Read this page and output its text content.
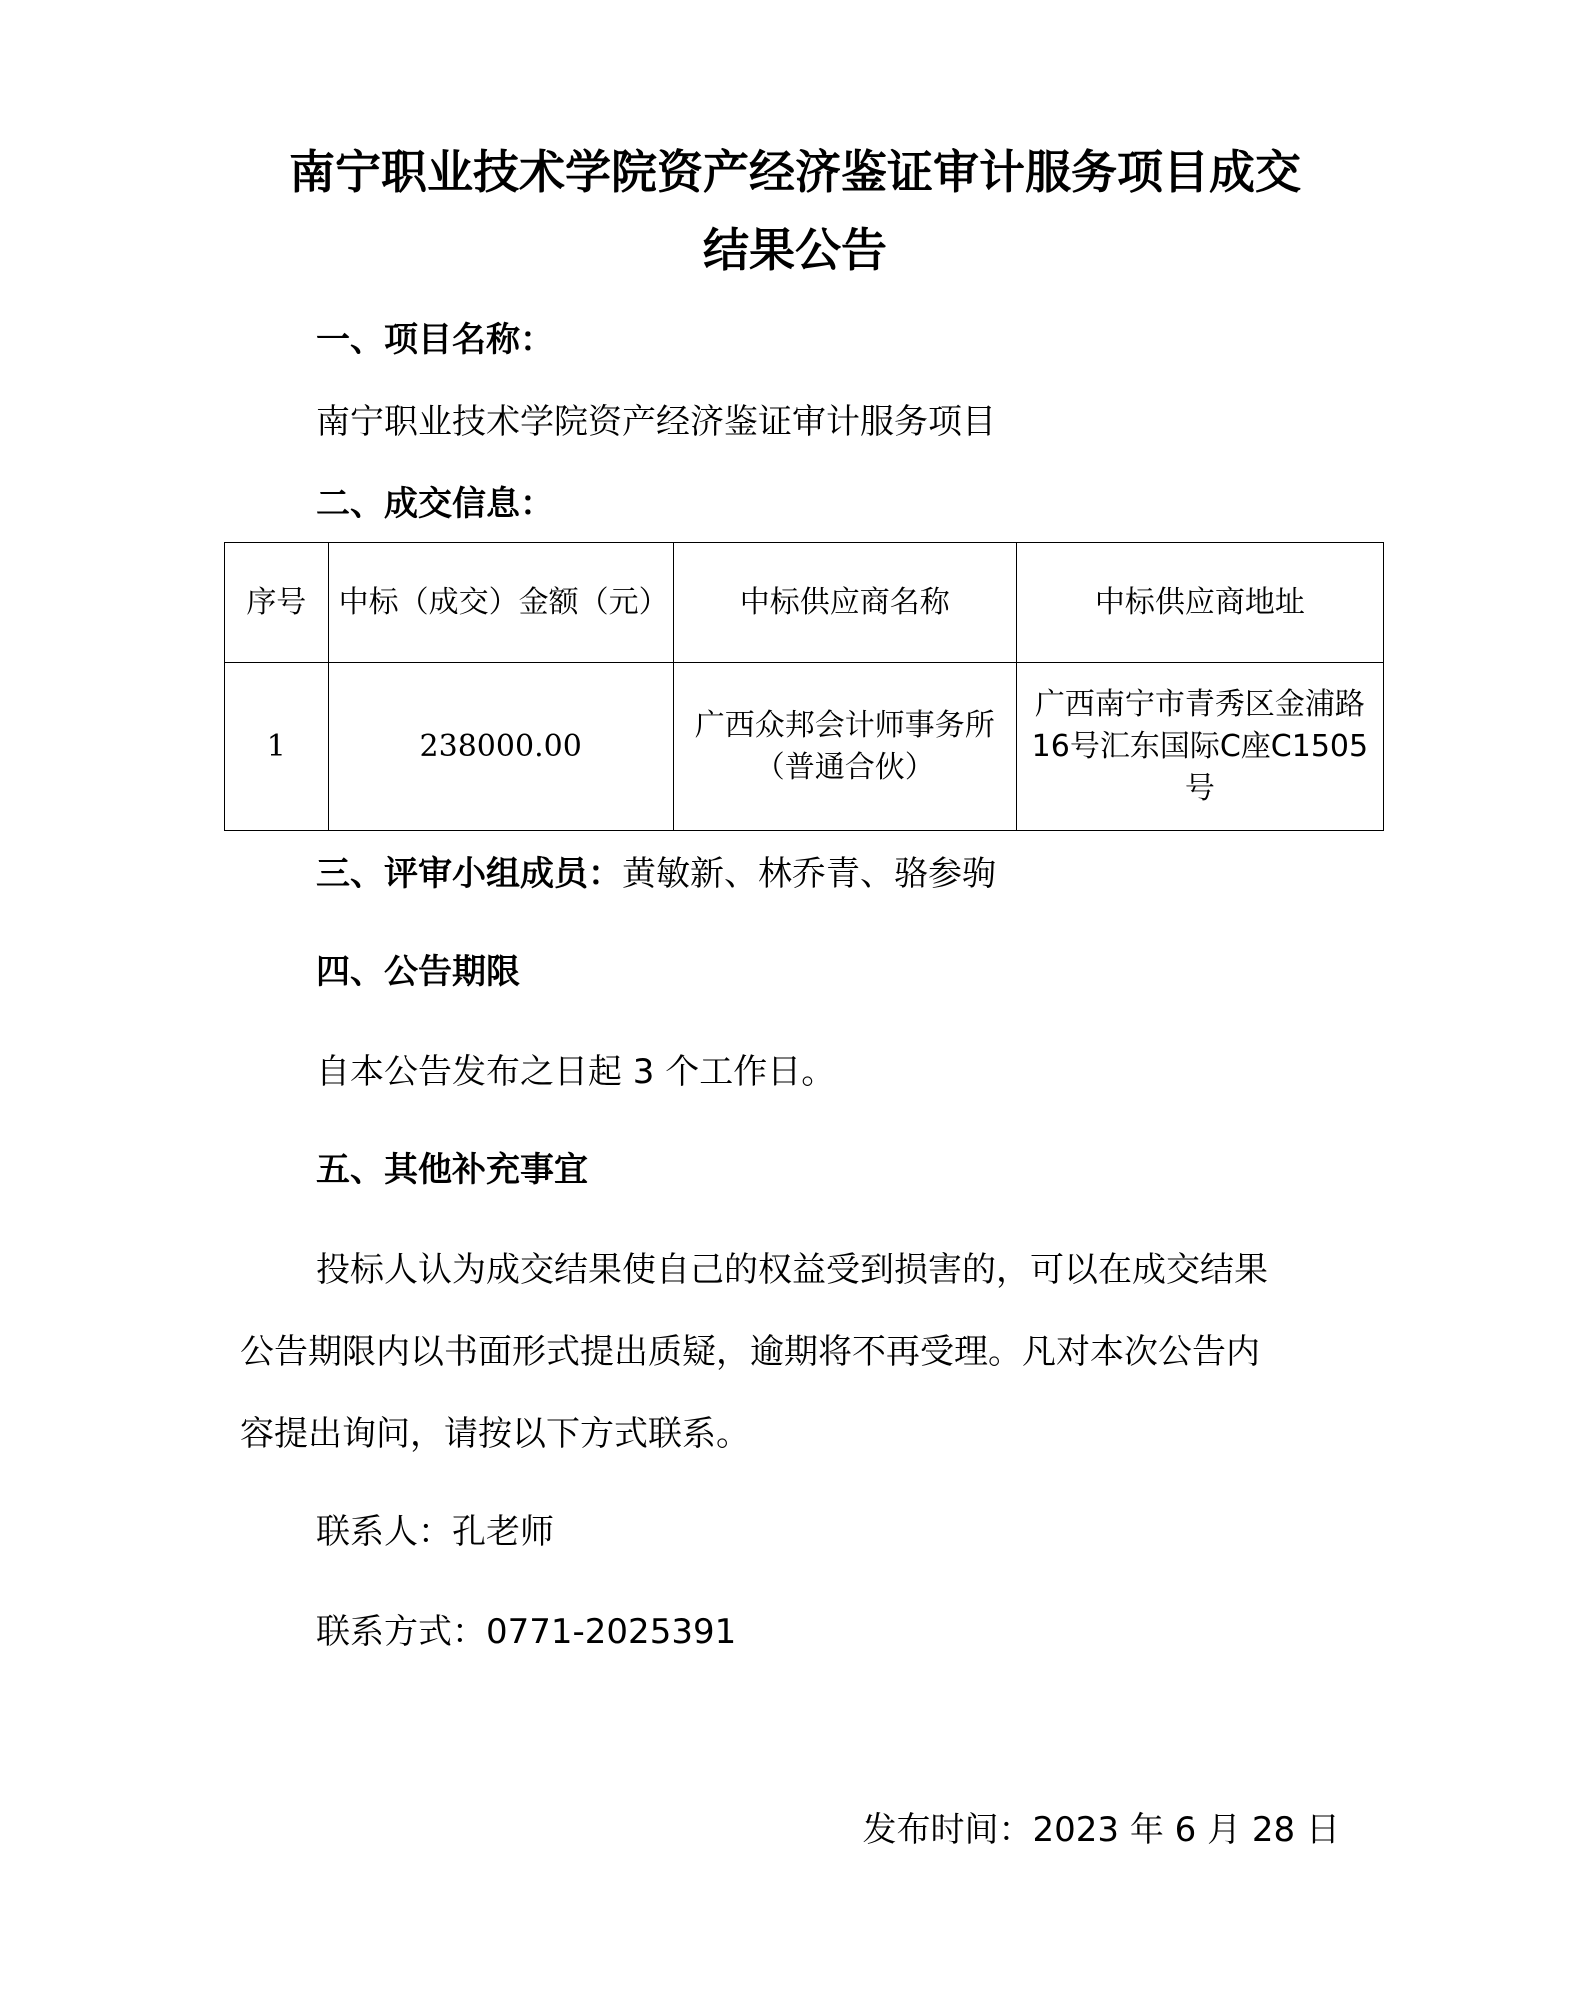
南宁职业技术学院资产经济鉴证审计服务项目成交
结果公告

一、项目名称：

南宁职业技术学院资产经济鉴证审计服务项目

二、成交信息：

序号	中标（成交）金额（元）	中标供应商名称	中标供应商地址
1	238000.00	广西众邦会计师事务所（普通合伙）	广西南宁市青秀区金浦路16号汇东国际C座C1505号

三、评审小组成员：黄敏新、林乔青、骆参驹

四、公告期限

自本公告发布之日起 3 个工作日。

五、其他补充事宜

投标人认为成交结果使自己的权益受到损害的，可以在成交结果

公告期限内以书面形式提出质疑，逾期将不再受理。凡对本次公告内

容提出询问，请按以下方式联系。

联系人：孔老师

联系方式：0771-2025391

发布时间：2023 年 6 月 28 日
